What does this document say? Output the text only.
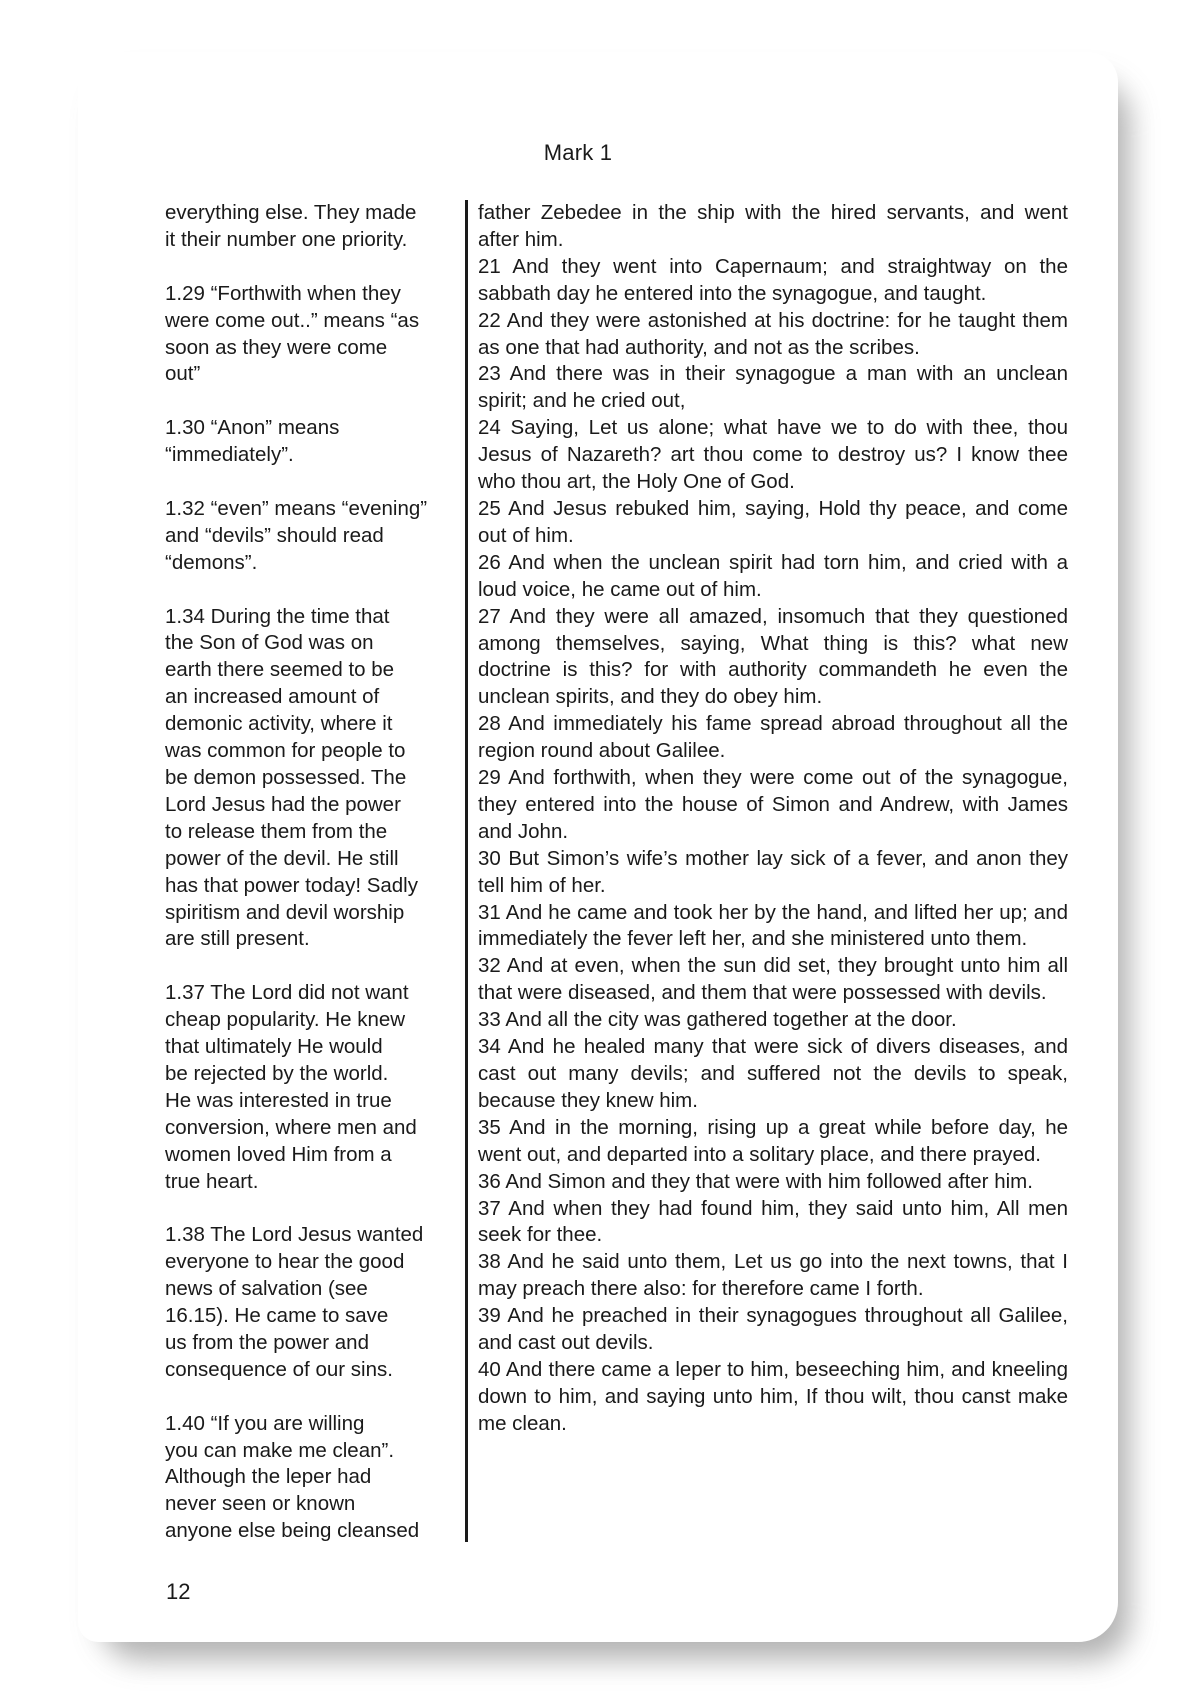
Mark 1

everything else. They made
it their number one priority.

1.29 “Forthwith when they
were come out..” means “as
soon as they were come
out”

1.30 “Anon” means
“immediately”.

1.32 “even” means “evening”
and “devils” should read
“demons”.

1.34 During the time that
the Son of God was on
earth there seemed to be
an increased amount of
demonic activity, where it
was common for people to
be demon possessed. The
Lord Jesus had the power
to release them from the
power of the devil. He still
has that power today! Sadly
spiritism and devil worship
are still present.

1.37 The Lord did not want
cheap popularity. He knew
that ultimately He would
be rejected by the world.
He was interested in true
conversion, where men and
women loved Him from a
true heart.

1.38 The Lord Jesus wanted
everyone to hear the good
news of salvation (see
16.15). He came to save
us from the power and
consequence of our sins.

1.40 “If you are willing
you can make me clean”.
Although the leper had
never seen or known
anyone else being cleansed

father Zebedee in the ship with the hired servants, and went after him.

21 And they went into Capernaum; and straightway on the sabbath day he entered into the synagogue, and taught.

22 And they were astonished at his doctrine: for he taught them as one that had authority, and not as the scribes.

23 And there was in their synagogue a man with an unclean spirit; and he cried out,

24 Saying, Let us alone; what have we to do with thee, thou Jesus of Nazareth? art thou come to destroy us? I know thee who thou art, the Holy One of God.

25 And Jesus rebuked him, saying, Hold thy peace, and come out of him.

26 And when the unclean spirit had torn him, and cried with a loud voice, he came out of him.

27 And they were all amazed, insomuch that they questioned among themselves, saying, What thing is this? what new doctrine is this? for with authority commandeth he even the unclean spirits, and they do obey him.

28 And immediately his fame spread abroad throughout all the region round about Galilee.

29 And forthwith, when they were come out of the synagogue, they entered into the house of Simon and Andrew, with James and John.

30 But Simon’s wife’s mother lay sick of a fever, and anon they tell him of her.

31 And he came and took her by the hand, and lifted her up; and immediately the fever left her, and she ministered unto them.

32 And at even, when the sun did set, they brought unto him all that were diseased, and them that were possessed with devils.

33 And all the city was gathered together at the door.

34 And he healed many that were sick of divers diseases, and cast out many devils; and suffered not the devils to speak, because they knew him.

35 And in the morning, rising up a great while before day, he went out, and departed into a solitary place, and there prayed.

36 And Simon and they that were with him followed after him.

37 And when they had found him, they said unto him, All men seek for thee.

38 And he said unto them, Let us go into the next towns, that I may preach there also: for therefore came I forth.

39 And he preached in their synagogues throughout all Galilee, and cast out devils.

40 And there came a leper to him, beseeching him, and kneeling down to him, and saying unto him, If thou wilt, thou canst make me clean.

12
